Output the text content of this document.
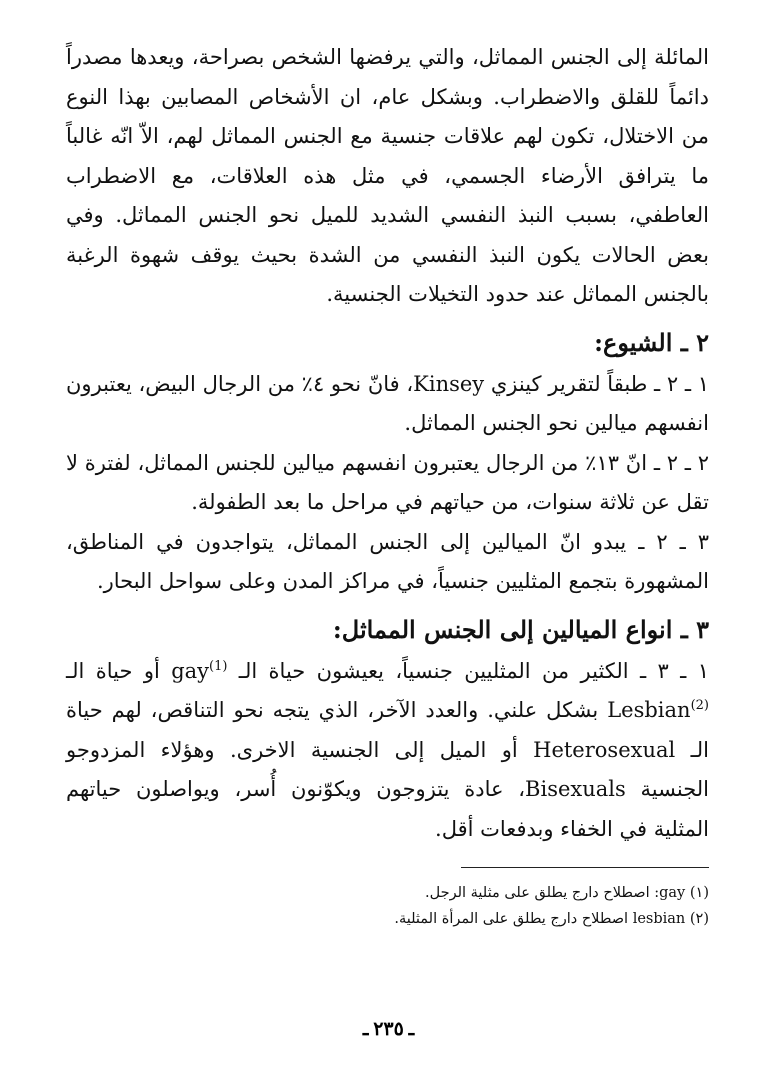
المائلة إلى الجنس المماثل، والتي يرفضها الشخص بصراحة، ويعدها مصدراً دائماً للقلق والاضطراب. وبشكل عام، ان الأشخاص المصابين بهذا النوع من الاختلال، تكون لهم علاقات جنسية مع الجنس المماثل لهم، الاّ انّه غالباً ما يترافق الأرضاء الجسمي، في مثل هذه العلاقات، مع الاضطراب العاطفي، بسبب النبذ النفسي الشديد للميل نحو الجنس المماثل. وفي بعض الحالات يكون النبذ النفسي من الشدة بحيث يوقف شهوة الرغبة بالجنس المماثل عند حدود التخيلات الجنسية.

٢ ـ الشيوع:

١ ـ ٢ ـ طبقاً لتقرير كينزي Kinsey، فانّ نحو ٤٪ من الرجال البيض، يعتبرون انفسهم ميالين نحو الجنس المماثل.

٢ ـ ٢ ـ انّ ١٣٪ من الرجال يعتبرون انفسهم ميالين للجنس المماثل، لفترة لا تقل عن ثلاثة سنوات، من حياتهم في مراحل ما بعد الطفولة.

٣ ـ ٢ ـ يبدو انّ الميالين إلى الجنس المماثل، يتواجدون في المناطق، المشهورة بتجمع المثليين جنسياً، في مراكز المدن وعلى سواحل البحار.

٣ ـ انواع الميالين إلى الجنس المماثل:

١ ـ ٣ ـ الكثير من المثليين جنسياً، يعيشون حياة الـ gay$^{(1)}$ أو حياة الـ Lesbian$^{(2)}$ بشكل علني. والعدد الآخر، الذي يتجه نحو التناقص، لهم حياة الـ Heterosexual أو الميل إلى الجنسية الاخرى. وهؤلاء المزدوجو الجنسية Bisexuals، عادة يتزوجون ويكوّنون أُسر، ويواصلون حياتهم المثلية في الخفاء وبدفعات أقل.

(١) gay: اصطلاح دارج يطلق على مثلية الرجل.

(٢) lesbian اصطلاح دارج يطلق على المرأة المثلية.

ـ ٢٣٥ ـ
